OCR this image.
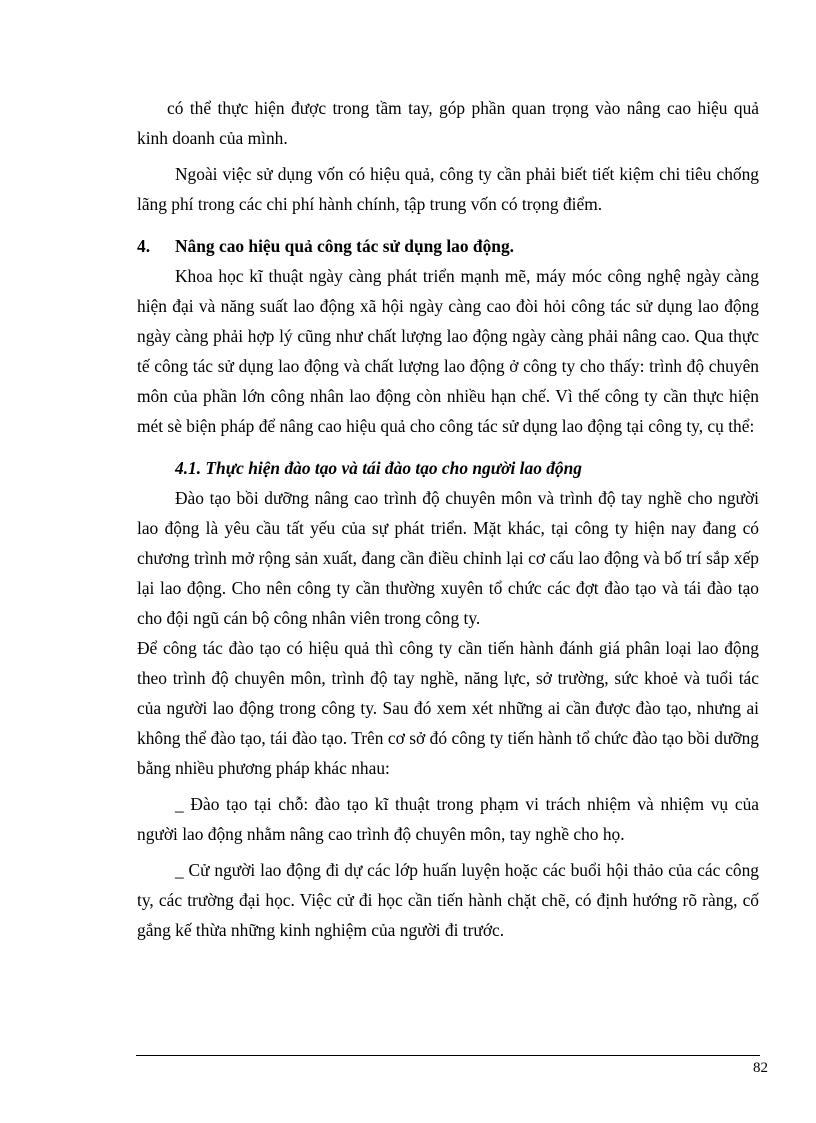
có thể thực hiện được trong tầm tay, góp phần quan trọng vào nâng cao hiệu quả kinh doanh của mình.

Ngoài việc sử dụng vốn có hiệu quả, công ty cần phải biết tiết kiệm chi tiêu chống lãng phí trong các chi phí hành chính, tập trung vốn có trọng điểm.

4. Nâng cao hiệu quả công tác sử dụng lao động.

Khoa học kĩ thuật ngày càng phát triển mạnh mẽ, máy móc công nghệ ngày càng hiện đại và năng suất lao động xã hội ngày càng cao đòi hỏi công tác sử dụng lao động ngày càng phải hợp lý cũng như chất lượng lao động ngày càng phải nâng cao. Qua thực tế công tác sử dụng lao động và chất lượng lao động ở công ty cho thấy: trình độ chuyên môn của phần lớn công nhân lao động còn nhiều hạn chế. Vì thế công ty cần thực hiện mét sè biện pháp để nâng cao hiệu quả cho công tác sử dụng lao động tại công ty, cụ thể:

4.1. Thực hiện đào tạo và tái đào tạo cho người lao động

Đào tạo bồi dưỡng nâng cao trình độ chuyên môn và trình độ tay nghề cho người lao động là yêu cầu tất yếu của sự phát triển. Mặt khác, tại công ty hiện nay đang có chương trình mở rộng sản xuất, đang cần điều chỉnh lại cơ cấu lao động và bố trí sắp xếp lại lao động. Cho nên công ty cần thường xuyên tổ chức các đợt đào tạo và tái đào tạo cho đội ngũ cán bộ công nhân viên trong công ty.

Để công tác đào tạo có hiệu quả thì công ty cần tiến hành đánh giá phân loại lao động theo trình độ chuyên môn, trình độ tay nghề, năng lực, sở trường, sức khoẻ và tuổi tác của người lao động trong công ty. Sau đó xem xét những ai cần được đào tạo, nhưng ai không thể đào tạo, tái đào tạo. Trên cơ sở đó công ty tiến hành tổ chức đào tạo bồi dưỡng bằng nhiều phương pháp khác nhau:

_ Đào tạo tại chỗ: đào tạo kĩ thuật trong phạm vi trách nhiệm và nhiệm vụ của người lao động nhằm nâng cao trình độ chuyên môn, tay nghề cho họ.

_ Cử người lao động đi dự các lớp huấn luyện hoặc các buổi hội thảo của các công ty, các trường đại học. Việc cử đi học cần tiến hành chặt chẽ, có định hướng rõ ràng, cố gắng kế thừa những kinh nghiệm của người đi trước.

82
